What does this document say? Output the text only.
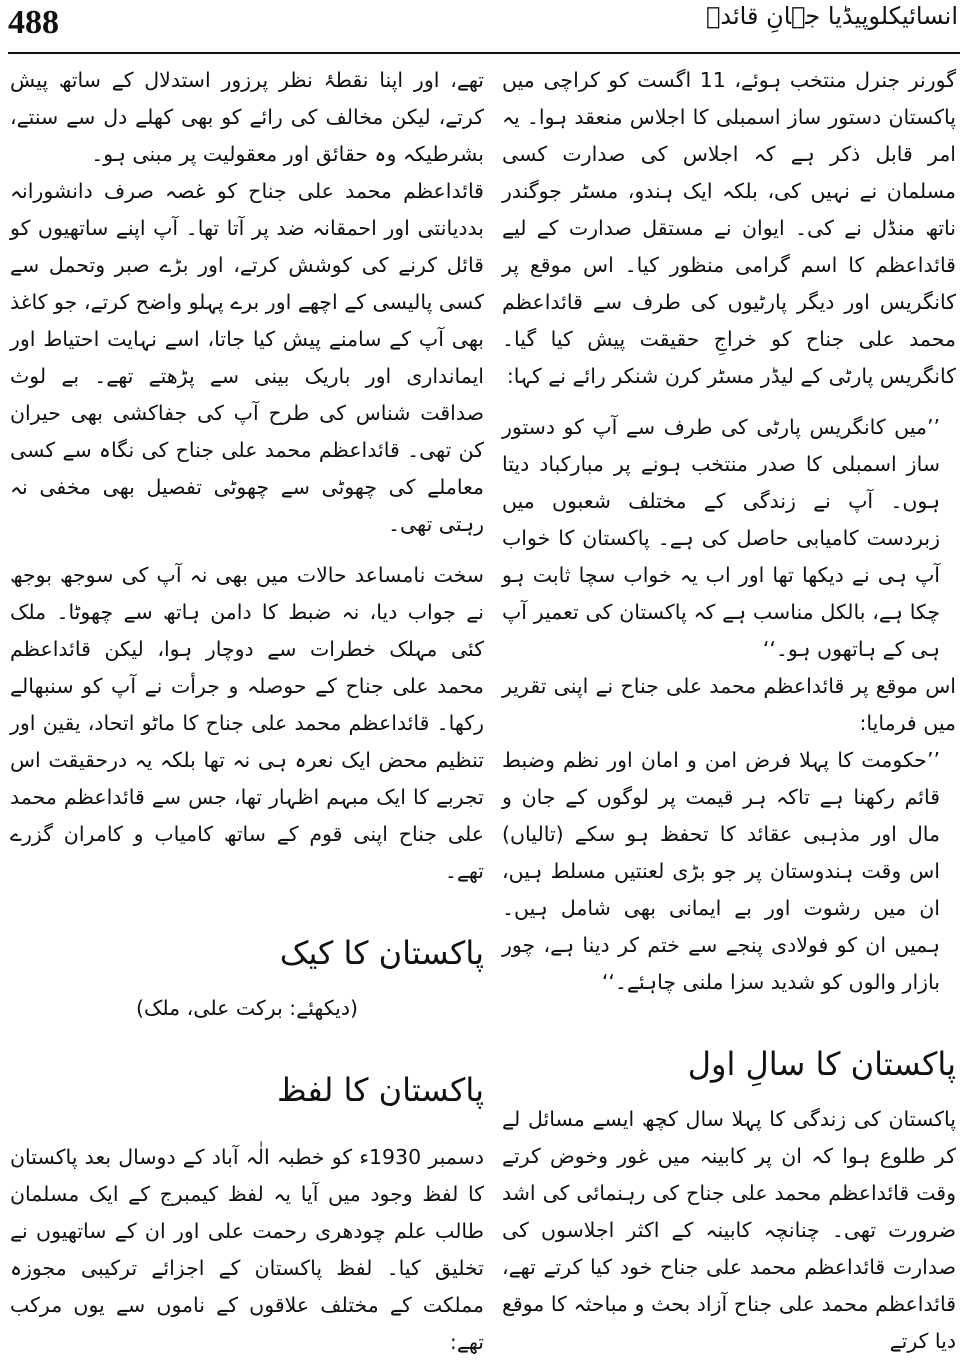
488	انسائیکلوپیڈیا جہانِ قائدؒ

گورنر جنرل منتخب ہوئے، 11 اگست کو کراچی میں پاکستان دستور ساز اسمبلی کا اجلاس منعقد ہوا۔ یہ امر قابل ذکر ہے کہ اجلاس کی صدارت کسی مسلمان نے نہیں کی، بلکہ ایک ہندو، مسٹر جوگندر ناتھ منڈل نے کی۔ ایوان نے مستقل صدارت کے لیے قائداعظم کا اسم گرامی منظور کیا۔ اس موقع پر کانگریس اور دیگر پارٹیوں کی طرف سے قائداعظم محمد علی جناح کو خراجِ حقیقت پیش کیا گیا۔ کانگریس پارٹی کے لیڈر مسٹر کرن شنکر رائے نے کہا:

’’میں کانگریس پارٹی کی طرف سے آپ کو دستور ساز اسمبلی کا صدر منتخب ہونے پر مبارکباد دیتا ہوں۔ آپ نے زندگی کے مختلف شعبوں میں زبردست کامیابی حاصل کی ہے۔ پاکستان کا خواب آپ ہی نے دیکھا تھا اور اب یہ خواب سچا ثابت ہو چکا ہے، بالکل مناسب ہے کہ پاکستان کی تعمیر آپ ہی کے ہاتھوں ہو۔‘‘

اس موقع پر قائداعظم محمد علی جناح نے اپنی تقریر میں فرمایا:

’’حکومت کا پہلا فرض امن و امان اور نظم وضبط قائم رکھنا ہے تاکہ ہر قیمت پر لوگوں کے جان و مال اور مذہبی عقائد کا تحفظ ہو سکے (تالیاں) اس وقت ہندوستان پر جو بڑی لعنتیں مسلط ہیں، ان میں رشوت اور بے ایمانی بھی شامل ہیں۔ ہمیں ان کو فولادی پنجے سے ختم کر دینا ہے، چور بازار والوں کو شدید سزا ملنی چاہئے۔‘‘

پاکستان کا سالِ اول

پاکستان کی زندگی کا پہلا سال کچھ ایسے مسائل لے کر طلوع ہوا کہ ان پر کابینہ میں غور وخوض کرتے وقت قائداعظم محمد علی جناح کی رہنمائی کی اشد ضرورت تھی۔ چنانچہ کابینہ کے اکثر اجلاسوں کی صدارت قائداعظم محمد علی جناح خود کیا کرتے تھے، قائداعظم محمد علی جناح آزاد بحث و مباحثہ کا موقع دیا کرتے

تھے، اور اپنا نقطۂ نظر پرزور استدلال کے ساتھ پیش کرتے، لیکن مخالف کی رائے کو بھی کھلے دل سے سنتے، بشرطیکہ وہ حقائق اور معقولیت پر مبنی ہو۔

قائداعظم محمد علی جناح کو غصہ صرف دانشورانہ بددیانتی اور احمقانہ ضد پر آتا تھا۔ آپ اپنے ساتھیوں کو قائل کرنے کی کوشش کرتے، اور بڑے صبر وتحمل سے کسی پالیسی کے اچھے اور برے پہلو واضح کرتے، جو کاغذ بھی آپ کے سامنے پیش کیا جاتا، اسے نہایت احتیاط اور ایمانداری اور باریک بینی سے پڑھتے تھے۔ بے لوث صداقت شناس کی طرح آپ کی جفاکشی بھی حیران کن تھی۔ قائداعظم محمد علی جناح کی نگاہ سے کسی معاملے کی چھوٹی سے چھوٹی تفصیل بھی مخفی نہ رہتی تھی۔

سخت نامساعد حالات میں بھی نہ آپ کی سوجھ بوجھ نے جواب دیا، نہ ضبط کا دامن ہاتھ سے چھوٹا۔ ملک کئی مہلک خطرات سے دوچار ہوا، لیکن قائداعظم محمد علی جناح کے حوصلہ و جرأت نے آپ کو سنبھالے رکھا۔ قائداعظم محمد علی جناح کا ماٹو اتحاد، یقین اور تنظیم محض ایک نعرہ ہی نہ تھا بلکہ یہ درحقیقت اس تجربے کا ایک مبہم اظہار تھا، جس سے قائداعظم محمد علی جناح اپنی قوم کے ساتھ کامیاب و کامران گزرے تھے۔

پاکستان کا کیک

(دیکھئے: برکت علی، ملک)

پاکستان کا لفظ

دسمبر 1930ء کو خطبہ الٰہ آباد کے دوسال بعد پاکستان کا لفظ وجود میں آیا یہ لفظ کیمبرج کے ایک مسلمان طالب علم چودھری رحمت علی اور ان کے ساتھیوں نے تخلیق کیا۔ لفظ پاکستان کے اجزائے ترکیبی مجوزہ مملکت کے مختلف علاقوں کے ناموں سے یوں مرکب تھے:
